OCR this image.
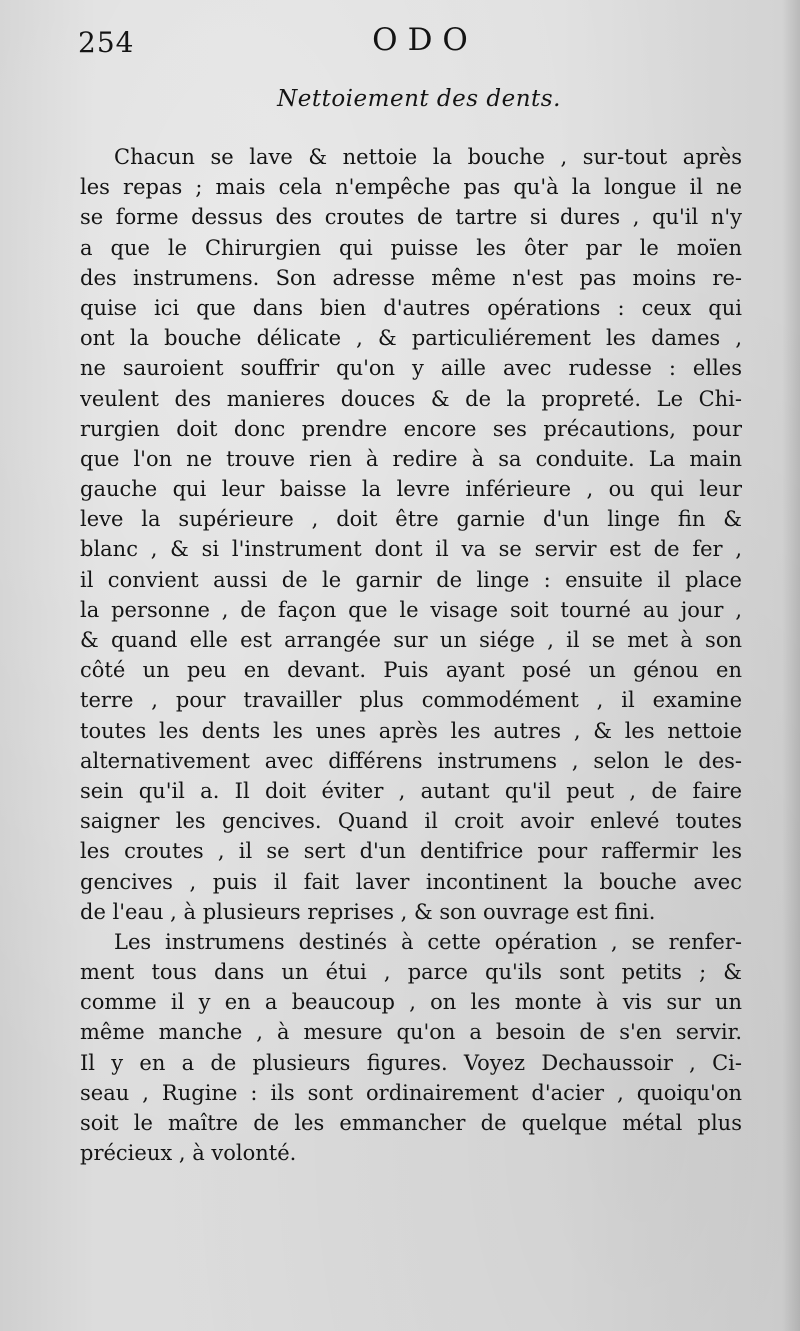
254	ODO
Nettoiement des dents.
Chacun se lave & nettoie la bouche , sur-tout après
les repas ; mais cela n'empêche pas qu'à la longue il ne
se forme dessus des croutes de tartre si dures , qu'il n'y
a que le Chirurgien qui puisse les ôter par le moïen
des instrumens. Son adresse même n'est pas moins re-
quise ici que dans bien d'autres opérations : ceux qui
ont la bouche délicate , & particuliérement les dames ,
ne sauroient souffrir qu'on y aille avec rudesse : elles
veulent des manieres douces & de la propreté. Le Chi-
rurgien doit donc prendre encore ses précautions, pour
que l'on ne trouve rien à redire à sa conduite. La main
gauche qui leur baisse la levre inférieure , ou qui leur
leve la supérieure , doit être garnie d'un linge fin &
blanc , & si l'instrument dont il va se servir est de fer ,
il convient aussi de le garnir de linge : ensuite il place
la personne , de façon que le visage soit tourné au jour ,
& quand elle est arrangée sur un siége , il se met à son
côté un peu en devant. Puis ayant posé un génou en
terre , pour travailler plus commodément , il examine
toutes les dents les unes après les autres , & les nettoie
alternativement avec différens instrumens , selon le des-
sein qu'il a. Il doit éviter , autant qu'il peut , de faire
saigner les gencives. Quand il croit avoir enlevé toutes
les croutes , il se sert d'un dentifrice pour raffermir les
gencives , puis il fait laver incontinent la bouche avec
de l'eau , à plusieurs reprises , & son ouvrage est fini.
Les instrumens destinés à cette opération , se renfer-
ment tous dans un étui , parce qu'ils sont petits ; &
comme il y en a beaucoup , on les monte à vis sur un
même manche , à mesure qu'on a besoin de s'en servir.
Il y en a de plusieurs figures. Voyez Dechaussoir , Ci-
seau , Rugine : ils sont ordinairement d'acier , quoiqu'on
soit le maître de les emmancher de quelque métal plus
précieux , à volonté.
